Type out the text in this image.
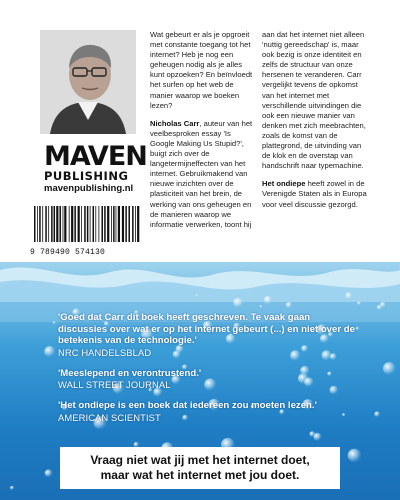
MAVEN
PUBLISHING
mavenpublishing.nl
9 789490 574130

Wat gebeurt er als je opgroeit met constante toegang tot het internet? Heb je nog een geheugen nodig als je alles kunt opzoeken? En beïnvloedt het surfen op het web de manier waarop we boeken lezen?

Nicholas Carr, auteur van het veelbesproken essay 'Is Google Making Us Stupid?', buigt zich over de langetermijneffecten van het internet. Gebruikmakend van nieuwe inzichten over de plasticiteit van het brein, de werking van ons geheugen en de manieren waarop we informatie verwerken, toont hij

aan dat het internet niet alleen 'nuttig gereedschap' is, maar ook bezig is onze identiteit en zelfs de structuur van onze hersenen te veranderen. Carr vergelijkt tevens de opkomst van het internet met verschillende uitvindingen die ook een nieuwe manier van denken met zich meebrachten, zoals de komst van de plattegrond, de uitvinding van de klok en de overstap van handschrift naar typemachine.

Het ondiepe heeft zowel in de Verenigde Staten als in Europa voor veel discussie gezorgd.

'Goed dat Carr dit boek heeft geschreven. Te vaak gaan discussies over wat er op het internet gebeurt (...) en niet over de betekenis van de technologie.'

NRC HANDELSBLAD

'Meeslepend en verontrustend.'

WALL STREET JOURNAL

'Het ondiepe is een boek dat iedereen zou moeten lezen.'

AMERICAN SCIENTIST

Vraag niet wat jij met het internet doet,
maar wat het internet met jou doet.
